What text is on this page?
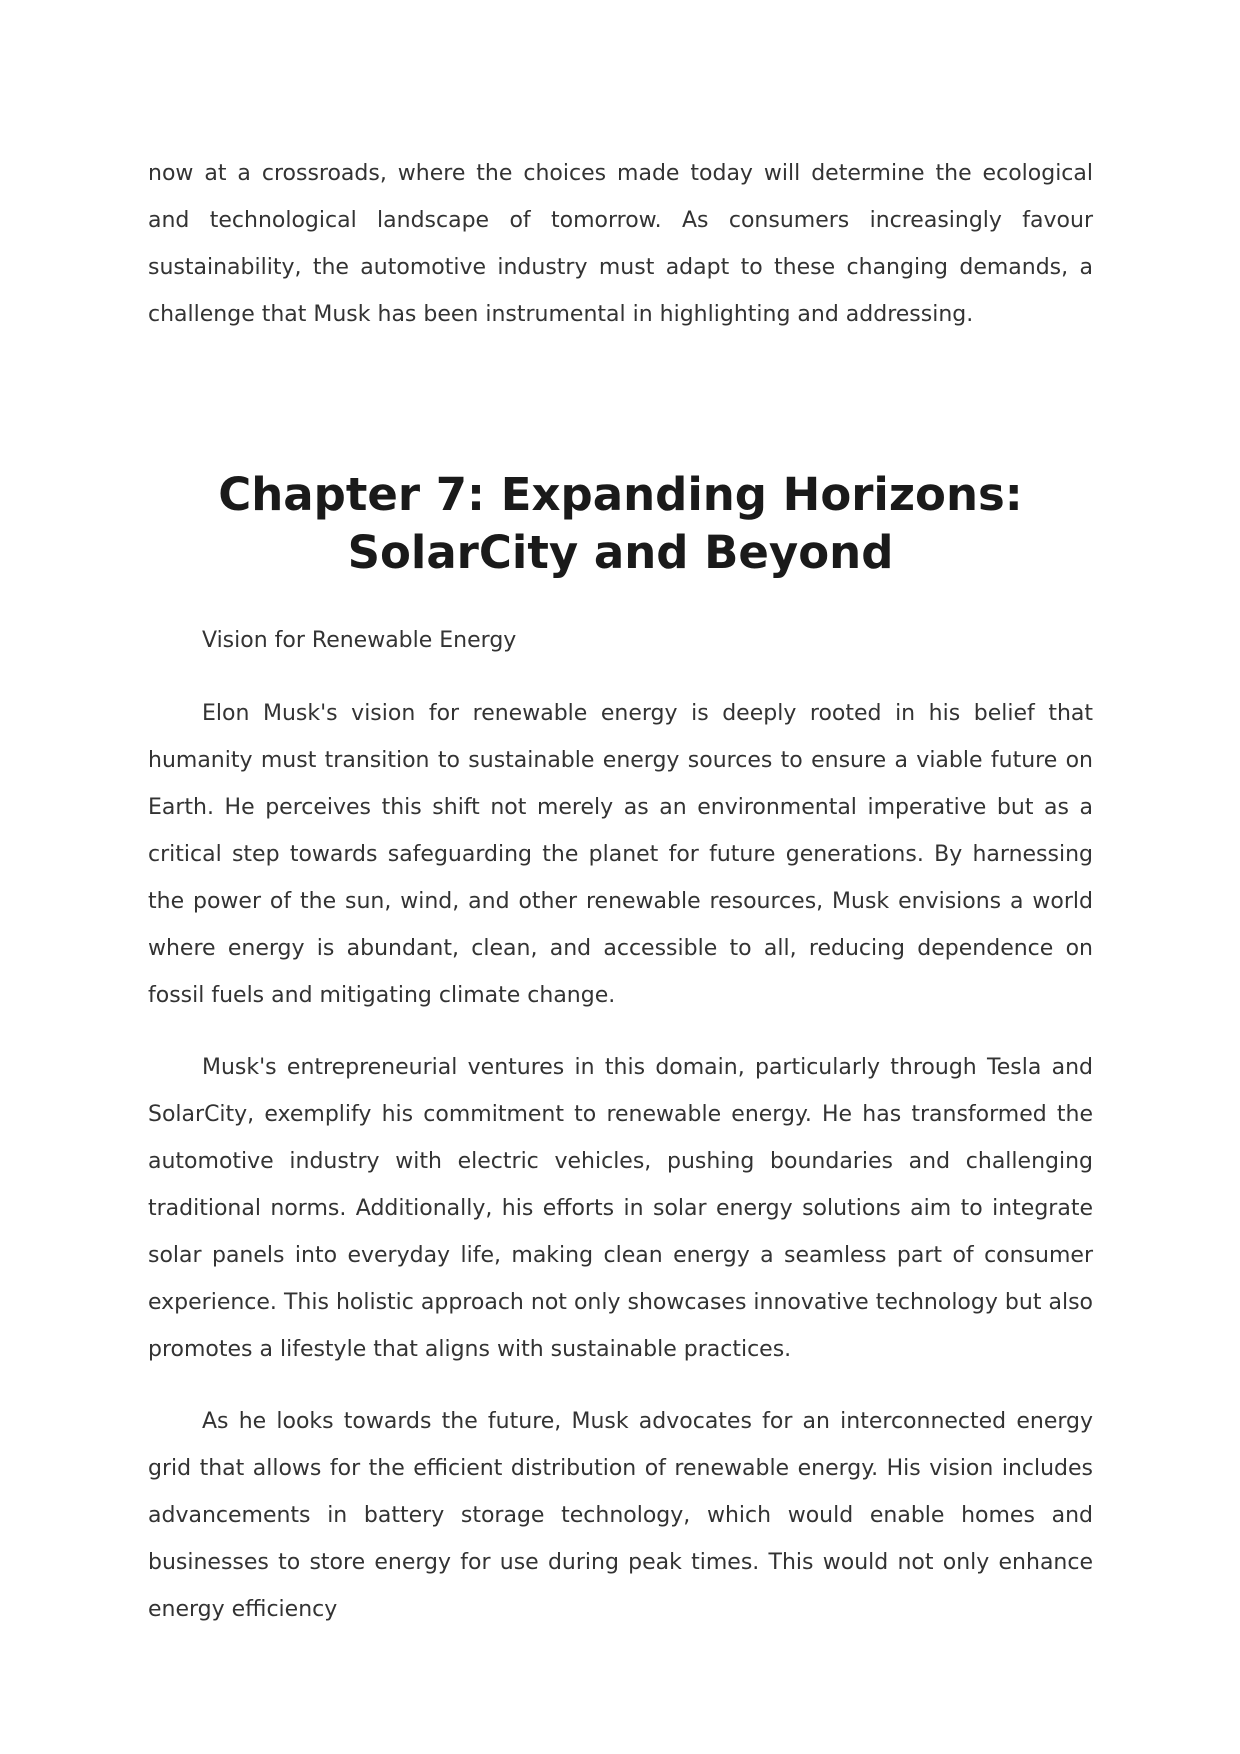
now at a crossroads, where the choices made today will determine the ecological and technological landscape of tomorrow. As consumers increasingly favour sustainability, the automotive industry must adapt to these changing demands, a challenge that Musk has been instrumental in highlighting and addressing.

Chapter 7: Expanding Horizons: SolarCity and Beyond

Vision for Renewable Energy

Elon Musk's vision for renewable energy is deeply rooted in his belief that humanity must transition to sustainable energy sources to ensure a viable future on Earth. He perceives this shift not merely as an environmental imperative but as a critical step towards safeguarding the planet for future generations. By harnessing the power of the sun, wind, and other renewable resources, Musk envisions a world where energy is abundant, clean, and accessible to all, reducing dependence on fossil fuels and mitigating climate change.

Musk's entrepreneurial ventures in this domain, particularly through Tesla and SolarCity, exemplify his commitment to renewable energy. He has transformed the automotive industry with electric vehicles, pushing boundaries and challenging traditional norms. Additionally, his efforts in solar energy solutions aim to integrate solar panels into everyday life, making clean energy a seamless part of consumer experience. This holistic approach not only showcases innovative technology but also promotes a lifestyle that aligns with sustainable practices.

As he looks towards the future, Musk advocates for an interconnected energy grid that allows for the efficient distribution of renewable energy. His vision includes advancements in battery storage technology, which would enable homes and businesses to store energy for use during peak times. This would not only enhance energy efficiency
